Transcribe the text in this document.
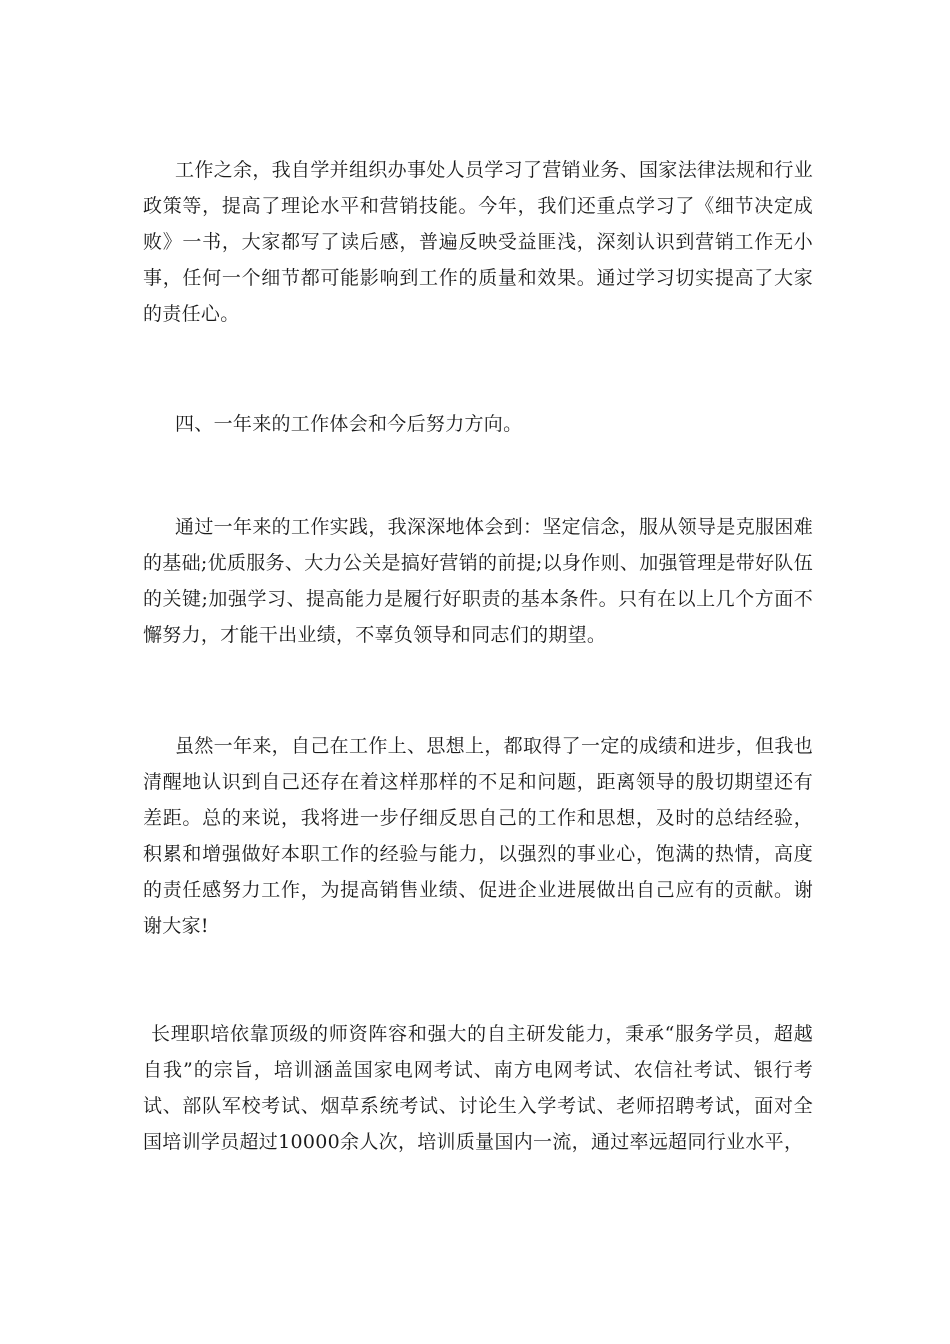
工作之余，我自学并组织办事处人员学习了营销业务、国家法律法规和行业政策等，提高了理论水平和营销技能。今年，我们还重点学习了《细节决定成败》一书，大家都写了读后感，普遍反映受益匪浅，深刻认识到营销工作无小事，任何一个细节都可能影响到工作的质量和效果。通过学习切实提高了大家的责任心。

四、一年来的工作体会和今后努力方向。

通过一年来的工作实践，我深深地体会到：坚定信念，服从领导是克服困难的基础;优质服务、大力公关是搞好营销的前提;以身作则、加强管理是带好队伍的关键;加强学习、提高能力是履行好职责的基本条件。只有在以上几个方面不懈努力，才能干出业绩，不辜负领导和同志们的期望。

虽然一年来，自己在工作上、思想上，都取得了一定的成绩和进步，但我也清醒地认识到自己还存在着这样那样的不足和问题，距离领导的殷切期望还有差距。总的来说，我将进一步仔细反思自己的工作和思想，及时的总结经验，积累和增强做好本职工作的经验与能力，以强烈的事业心，饱满的热情，高度的责任感努力工作，为提高销售业绩、促进企业进展做出自己应有的贡献。谢谢大家!

长理职培依靠顶级的师资阵容和强大的自主研发能力，秉承“服务学员，超越自我”的宗旨，培训涵盖国家电网考试、南方电网考试、农信社考试、银行考试、部队军校考试、烟草系统考试、讨论生入学考试、老师招聘考试，面对全国培训学员超过10000余人次，培训质量国内一流，通过率远超同行业水平，
